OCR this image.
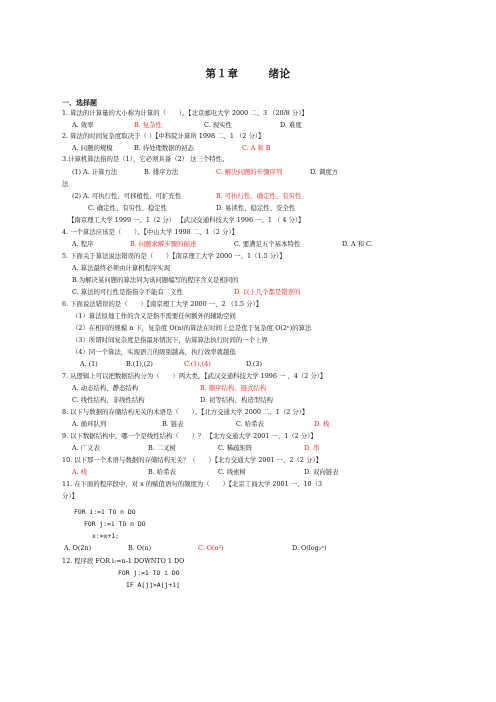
第１章	绪论
一、选择题
1. 算法的计算量的大小称为计算的（　　）。【北京邮电大学 2000 二、3 （20/8 分）】
A. 效率	B. 复杂性	C. 现实性	D. 难度
2. 算法的时间复杂度取决于（ ）【中科院计算所 1998 二、1 （2 分）】
A. 问题的规模	B. 待处理数据的初态	C. A 和 B
3.计算机算法指的是（1），它必须具备（2） 这三个特性。
(1) A. 计算方法	B. 排序方法	C. 解决问题的步骤序列	D. 调度方
法
(2) A. 可执行性、可移植性、可扩充性	B. 可执行性、确定性、有穷性
C. 确定性、有穷性、稳定性	D. 易读性、稳定性、安全性
【南京理工大学 1999 一、1（2 分） 【武汉交通科技大学 1996 一、1 （ 4 分）】
4. 一个算法应该是（　　）。【中山大学 1998 二、1（2 分）】
A. 程序	B. 问题求解步骤的描述	C. 要满足五个基本特性	D. A 和 C.
5. 下面关于算法说法错误的是（　　）【南京理工大学 2000 一、1（1.5 分）】
A. 算法最终必须由计算机程序实现
B.为解决某问题的算法同为该问题编写的程序含义是相同的
C. 算法的可行性是指指令不能有二义性	D. 以上几个都是错误的
6. 下面说法错误的是（　　）【南京理工大学 2000 一、2 （1.5 分）】
（1）算法原地工作的含义是指不需要任何额外的辅助空间
（2）在相同的规模 n 下，复杂度 O(n)的算法在时间上总是优于复杂度 O(2ⁿ)的算法
（3）所谓时间复杂度是指最坏情况下，估算算法执行时间的一个上界
（4）同一个算法，实现语言的级别越高，执行效率就越低
A. (1)	B.(1),(2)	C.(1),(4)	D.(3)
7. 从逻辑上可以把数据结构分为（　　）两大类。【武汉交通科技大学 1996 一 、4（2 分）】
A. 动态结构、静态结构	B. 顺序结构、链式结构
C. 线性结构、非线性结构	D. 初等结构、构造型结构
8. 以下与数据的存储结构无关的术语是（　　）。【北方交通大学 2000 二、1（2 分）】
A. 循环队列	B. 链表	C. 哈希表	D. 栈
9. 以下数据结构中，哪一个是线性结构（　　）？ 【北方交通大学 2001 一、1（2 分）】
A. 广义表	B. 二叉树	C. 稀疏矩阵	D. 串
10. 以下那一个术语与数据的存储结构无关？（　　）【北方交通大学 2001 一、2（2 分）】
A. 栈	B. 哈希表	C. 线索树	D. 双向链表
11. 在下面的程序段中，对 x 的赋值语句的频度为（　　）【北京工商大学 2001 一、10（3
分）】
FOR i:=1 TO n DO
FOR j:=1 TO n DO
x:=x+1;
A. O(2n)	B. O(n)	C. O(n²)	D. O(log₂ⁿ)
12. 程序段 FOR i:=n-1 DOWNTO 1 DO
FOR j:=1 TO i DO
IF A[j]>A[j+1]
